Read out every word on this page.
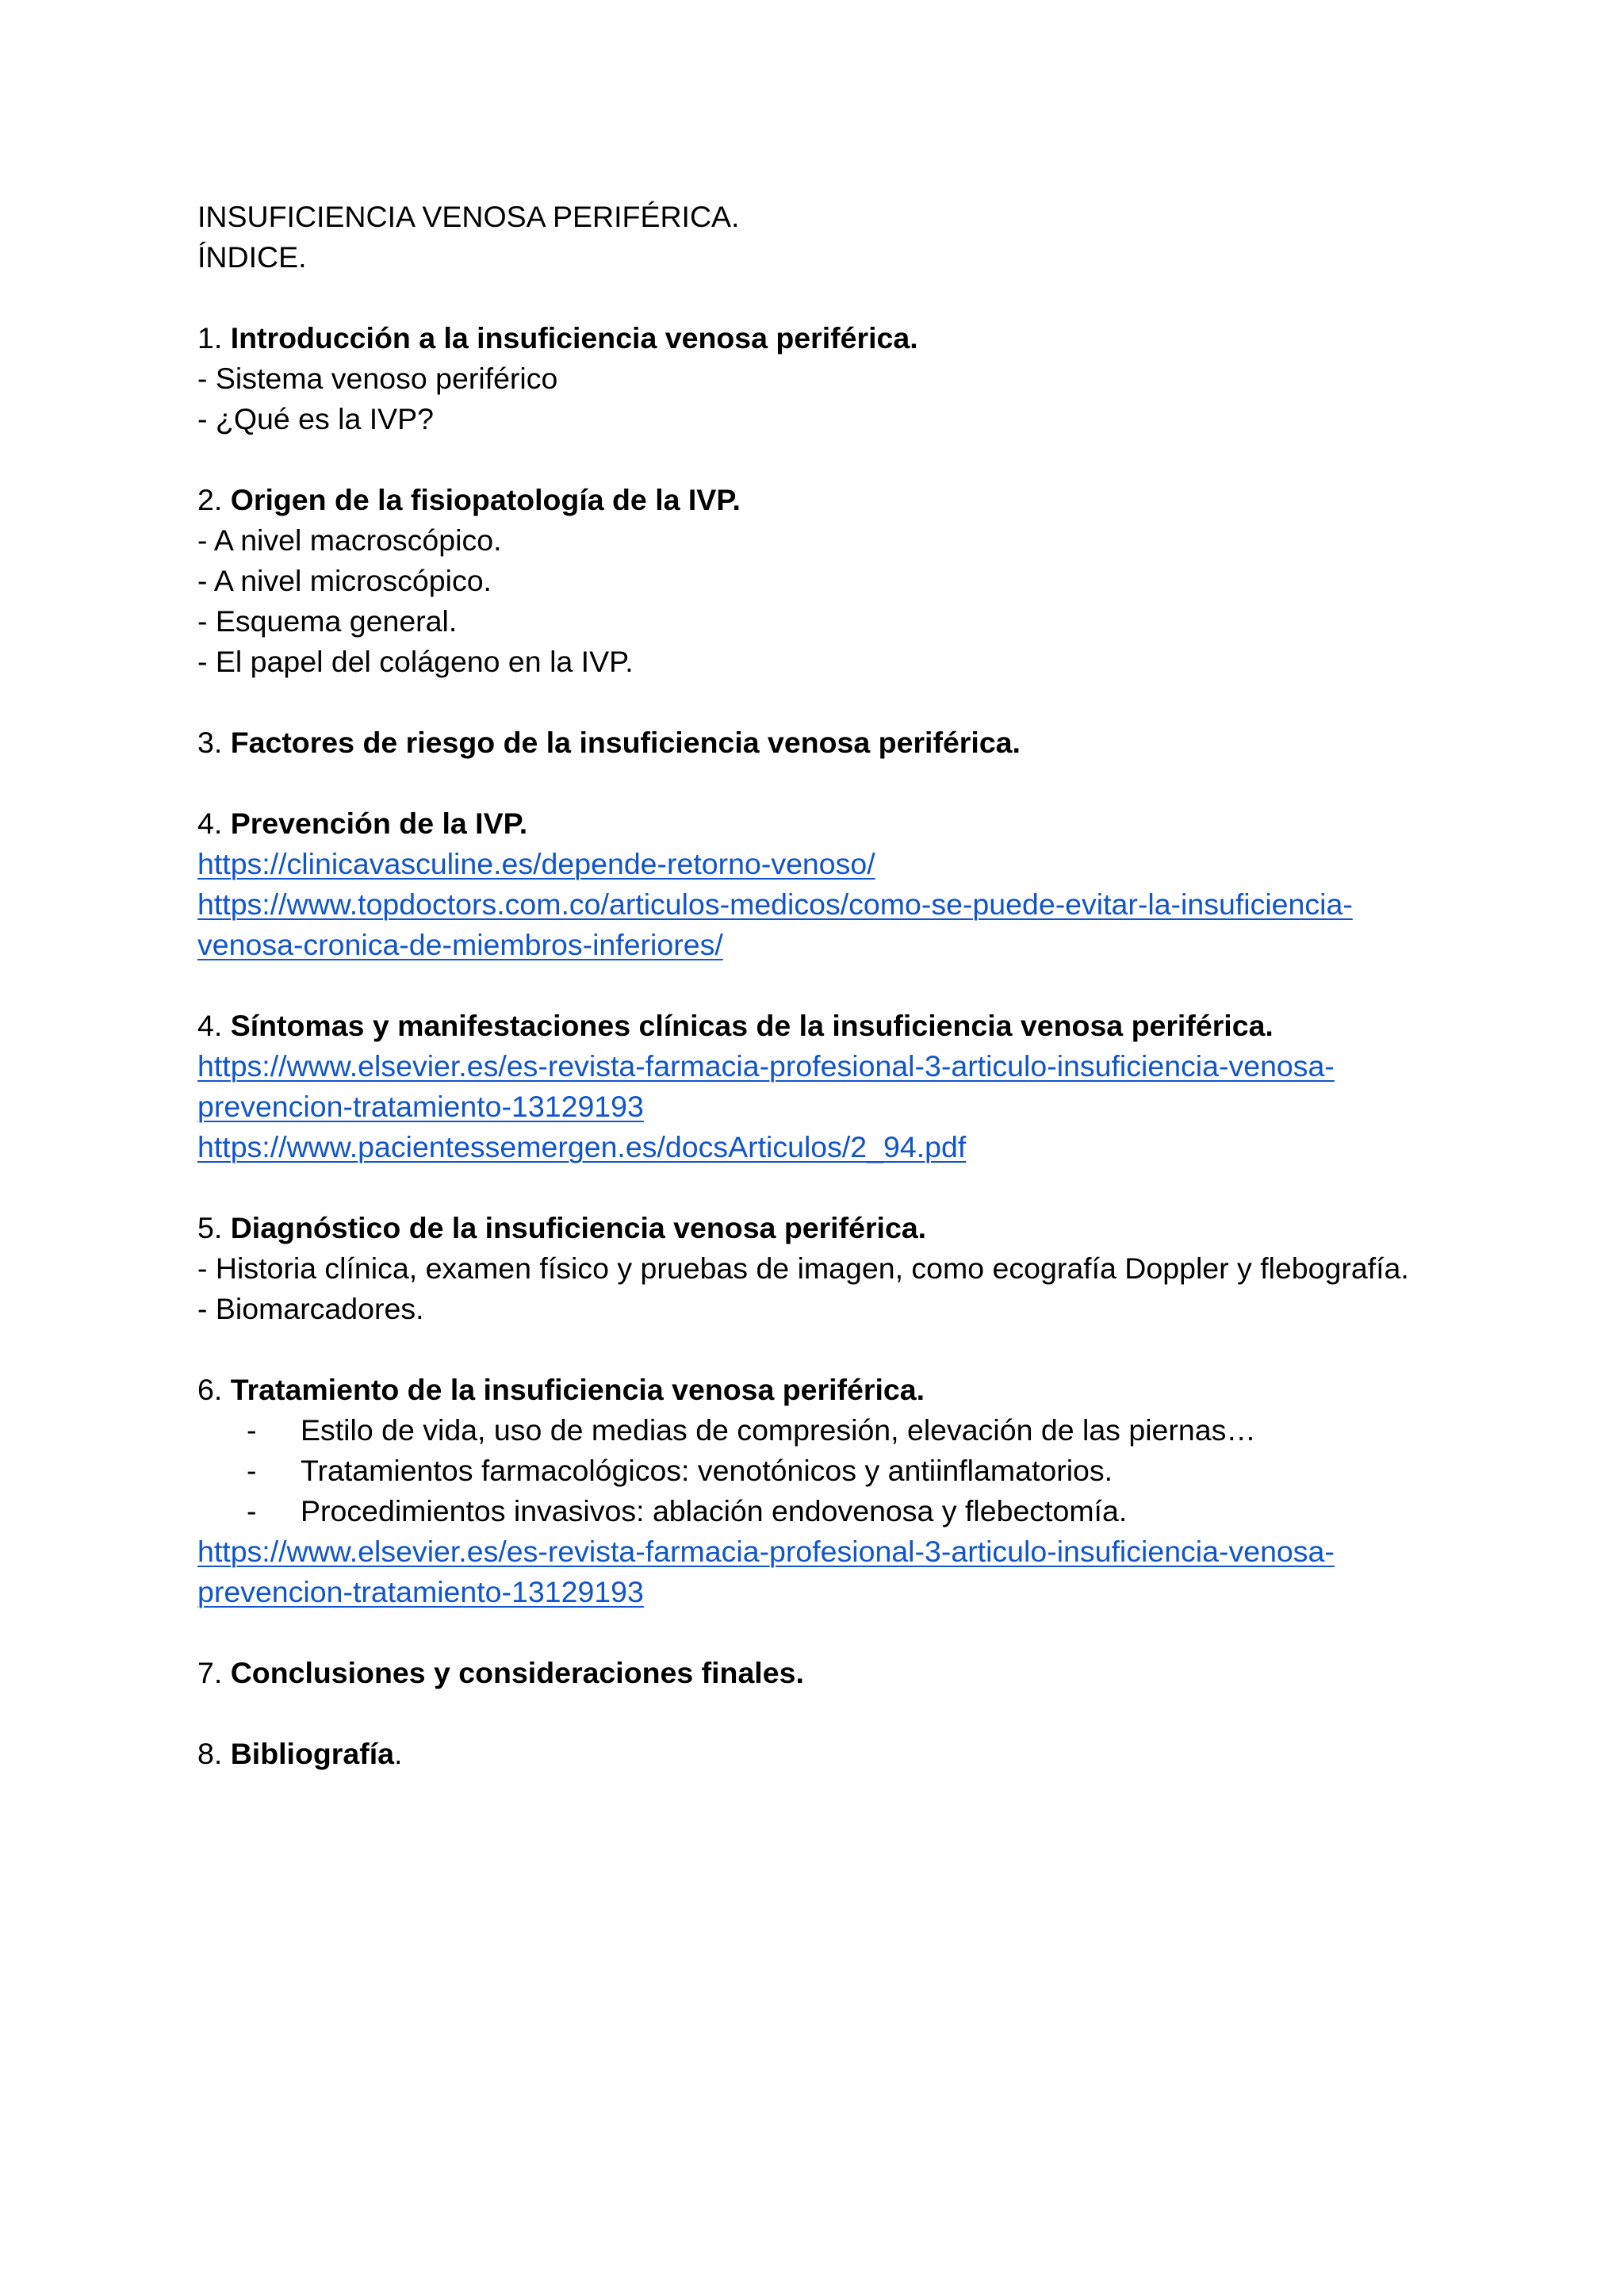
INSUFICIENCIA VENOSA PERIFÉRICA.
ÍNDICE.
1. Introducción a la insuficiencia venosa periférica.
- Sistema venoso periférico
- ¿Qué es la IVP?
2. Origen de la fisiopatología de la IVP.
- A nivel macroscópico.
- A nivel microscópico.
- Esquema general.
- El papel del colágeno en la IVP.
3. Factores de riesgo de la insuficiencia venosa periférica.
4. Prevención de la IVP.
https://clinicavasculine.es/depende-retorno-venoso/
https://www.topdoctors.com.co/articulos-medicos/como-se-puede-evitar-la-insuficiencia-
venosa-cronica-de-miembros-inferiores/
4. Síntomas y manifestaciones clínicas de la insuficiencia venosa periférica.
https://www.elsevier.es/es-revista-farmacia-profesional-3-articulo-insuficiencia-venosa-
prevencion-tratamiento-13129193
https://www.pacientessemergen.es/docsArticulos/2_94.pdf
5. Diagnóstico de la insuficiencia venosa periférica.
- Historia clínica, examen físico y pruebas de imagen, como ecografía Doppler y flebografía.
- Biomarcadores.
6. Tratamiento de la insuficiencia venosa periférica.
-	Estilo de vida, uso de medias de compresión, elevación de las piernas…
-	Tratamientos farmacológicos: venotónicos y antiinflamatorios.
-	Procedimientos invasivos: ablación endovenosa y flebectomía.
https://www.elsevier.es/es-revista-farmacia-profesional-3-articulo-insuficiencia-venosa-
prevencion-tratamiento-13129193
7. Conclusiones y consideraciones finales.
8. Bibliografía.
